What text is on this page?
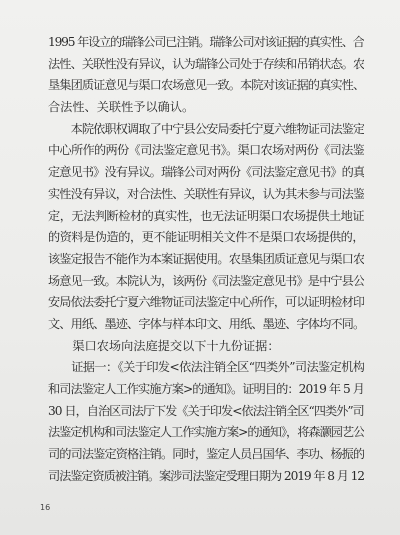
1995 年设立的瑞锋公司已注销。瑞锋公司对该证据的真实性、合
法性、关联性没有异议，认为瑞锋公司处于存续和吊销状态。农
垦集团质证意见与渠口农场意见一致。本院对该证据的真实性、
合法性、关联性予以确认。
　　本院依职权调取了中宁县公安局委托宁夏六维物证司法鉴定
中心所作的两份《司法鉴定意见书》。渠口农场对两份《司法鉴
定意见书》没有异议。瑞锋公司对两份《司法鉴定意见书》的真
实性没有异议，对合法性、关联性有异议，认为其未参与司法鉴
定，无法判断检材的真实性，也无法证明渠口农场提供土地证
的资料是伪造的，更不能证明相关文件不是渠口农场提供的，
该鉴定报告不能作为本案证据使用。农垦集团质证意见与渠口农
场意见一致。本院认为，该两份《司法鉴定意见书》是中宁县公
安局依法委托宁夏六维物证司法鉴定中心所作，可以证明检材印
文、用纸、墨迹、字体与样本印文、用纸、墨迹、字体均不同。
　　渠口农场向法庭提交以下十九份证据：
　　证据一：《关于印发<依法注销全区“四类外”司法鉴定机构
和司法鉴定人工作实施方案>的通知》。证明目的：2019 年 5 月
30 日，自治区司法厅下发《关于印发<依法注销全区“四类外”司
法鉴定机构和司法鉴定人工作实施方案>的通知》，将森灏园艺公
司的司法鉴定资格注销。同时，鉴定人员吕国华、李功、杨振的
司法鉴定资质被注销。案涉司法鉴定受理日期为 2019 年 8 月 12
16
